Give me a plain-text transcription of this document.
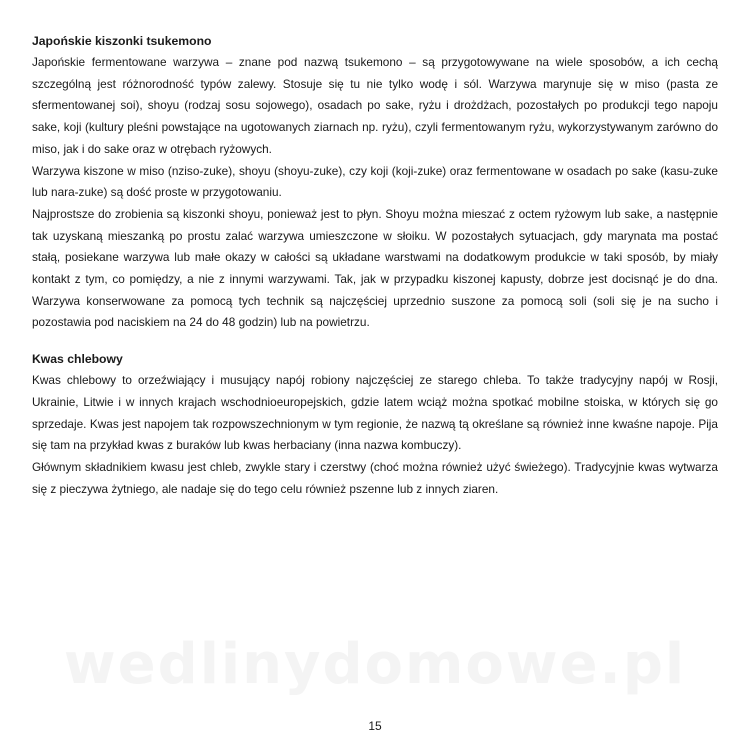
Japońskie kiszonki tsukemono

Japońskie fermentowane warzywa – znane pod nazwą tsukemono – są przygotowywane na wiele sposobów, a ich cechą szczególną jest różnorodność typów zalewy. Stosuje się tu nie tylko wodę i sól. Warzywa marynuje się w miso (pasta ze sfermentowanej soi), shoyu (rodzaj sosu sojowego), osadach po sake, ryżu i drożdżach, pozostałych po produkcji tego napoju sake, koji (kultury pleśni powstające na ugotowanych ziarnach np. ryżu), czyli fermentowanym ryżu, wykorzystywanym zarówno do miso, jak i do sake oraz w otrębach ryżowych.

Warzywa kiszone w miso (nziso-zuke), shoyu (shoyu-zuke), czy koji (koji-zuke) oraz fermentowane w osadach po sake (kasu-zuke lub nara-zuke) są dość proste w przygotowaniu.

Najprostsze do zrobienia są kiszonki shoyu, ponieważ jest to płyn. Shoyu można mieszać z octem ryżowym lub sake, a następnie tak uzyskaną mieszanką po prostu zalać warzywa umieszczone w słoiku. W pozostałych sytuacjach, gdy marynata ma postać stałą, posiekane warzywa lub małe okazy w całości są układane warstwami na dodatkowym produkcie w taki sposób, by miały kontakt z tym, co pomiędzy, a nie z innymi warzywami. Tak, jak w przypadku kiszonej kapusty, dobrze jest docisnąć je do dna. Warzywa konserwowane za pomocą tych technik są najczęściej uprzednio suszone za pomocą soli (soli się je na sucho i pozostawia pod naciskiem na 24 do 48 godzin) lub na powietrzu.

Kwas chlebowy

Kwas chlebowy to orzeźwiający i musujący napój robiony najczęściej ze starego chleba. To także tradycyjny napój w Rosji, Ukrainie, Litwie i w innych krajach wschodnioeuropejskich, gdzie latem wciąż można spotkać mobilne stoiska, w których się go sprzedaje. Kwas jest napojem tak rozpowszechnionym w tym regionie, że nazwą tą określane są również inne kwaśne napoje. Pija się tam na przykład kwas z buraków lub kwas herbaciany (inna nazwa kombuczy).

Głównym składnikiem kwasu jest chleb, zwykle stary i czerstwy (choć można również użyć świeżego). Tradycyjnie kwas wytwarza się z pieczywa żytniego, ale nadaje się do tego celu również pszenne lub z innych ziaren.

wedlinydomowe.pl
15
